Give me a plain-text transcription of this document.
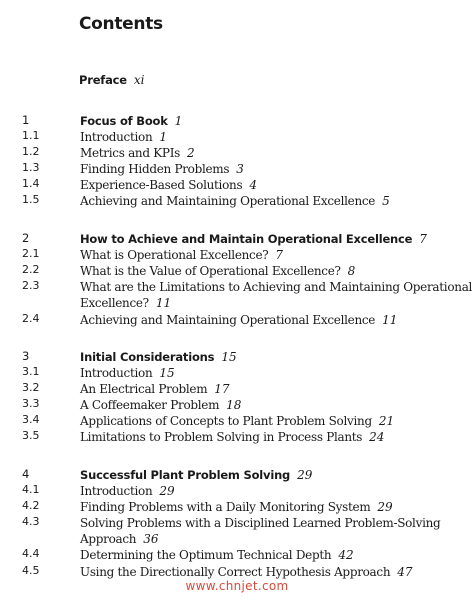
Contents
Preface xi
1	Focus of Book 1
1.1	Introduction 1
1.2	Metrics and KPIs 2
1.3	Finding Hidden Problems 3
1.4	Experience-Based Solutions 4
1.5	Achieving and Maintaining Operational Excellence 5
2	How to Achieve and Maintain Operational Excellence 7
2.1	What is Operational Excellence? 7
2.2	What is the Value of Operational Excellence? 8
2.3	What are the Limitations to Achieving and Maintaining Operational Excellence? 11
2.4	Achieving and Maintaining Operational Excellence 11
3	Initial Considerations 15
3.1	Introduction 15
3.2	An Electrical Problem 17
3.3	A Coffeemaker Problem 18
3.4	Applications of Concepts to Plant Problem Solving 21
3.5	Limitations to Problem Solving in Process Plants 24
4	Successful Plant Problem Solving 29
4.1	Introduction 29
4.2	Finding Problems with a Daily Monitoring System 29
4.3	Solving Problems with a Disciplined Learned Problem-Solving Approach 36
4.4	Determining the Optimum Technical Depth 42
4.5	Using the Directionally Correct Hypothesis Approach 47
www.chnjet.com
